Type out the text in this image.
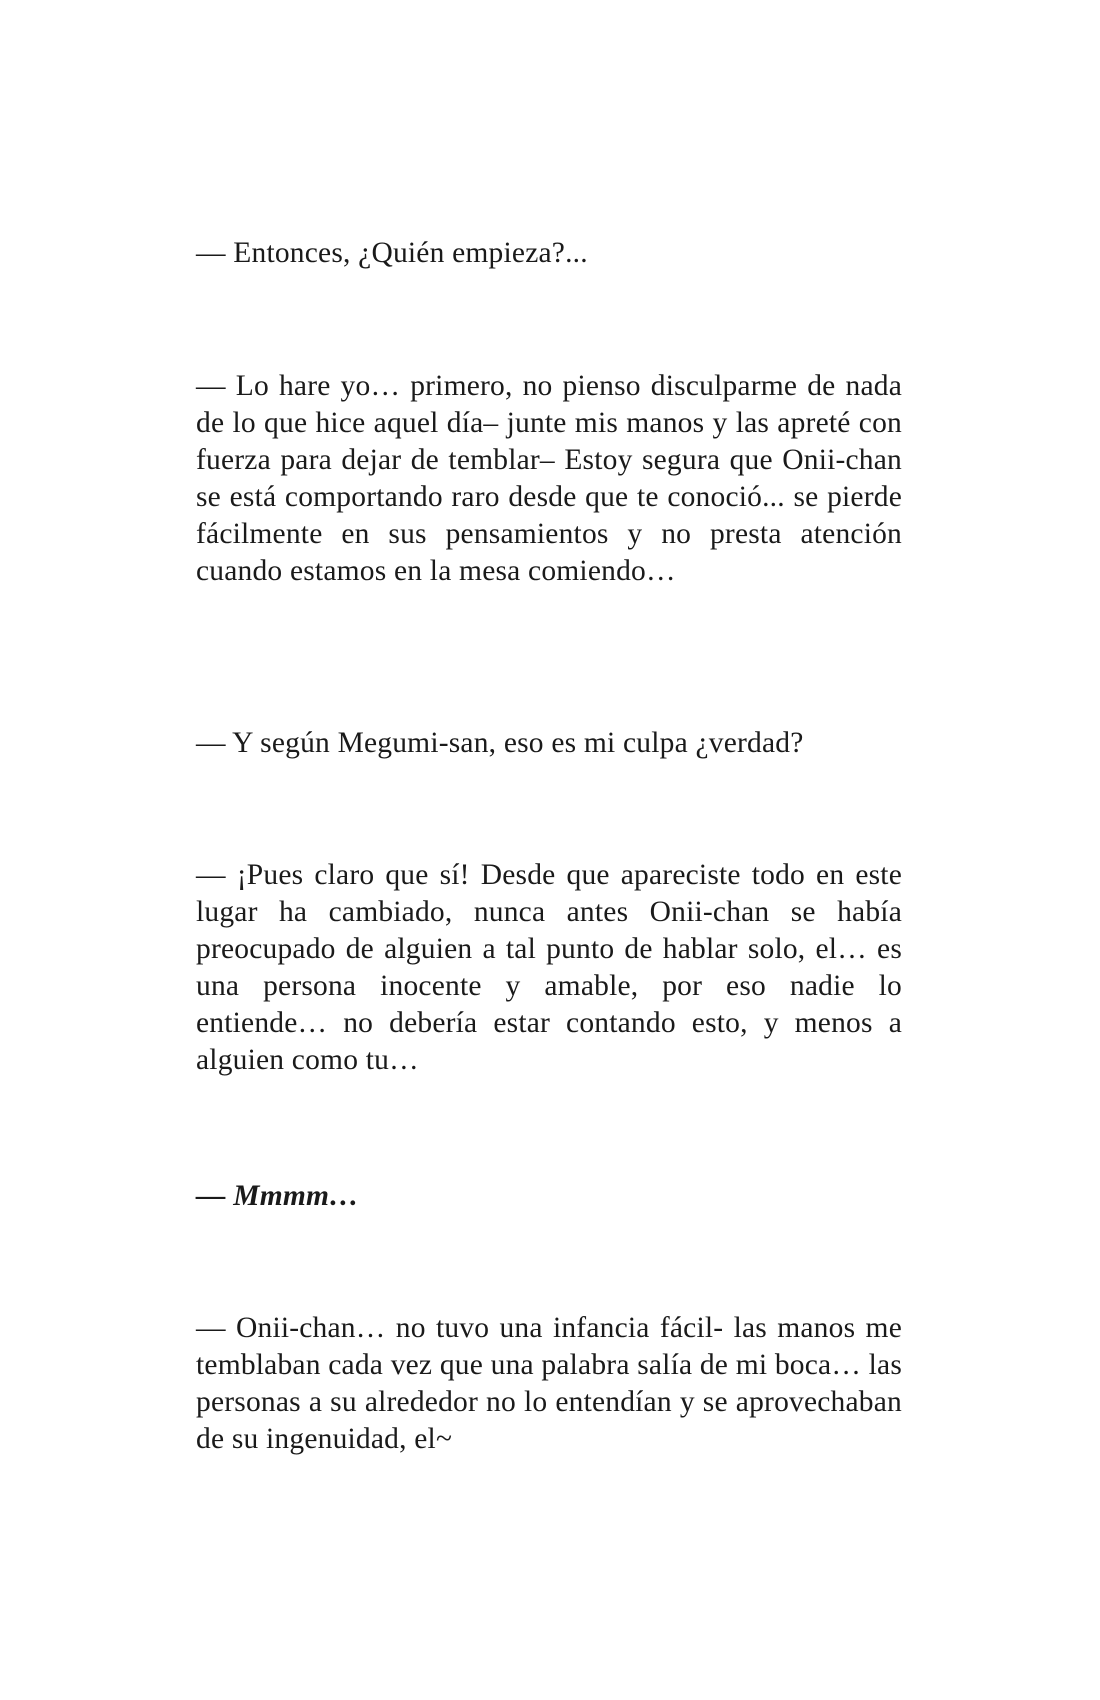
— Entonces, ¿Quién empieza?...

— Lo hare yo… primero, no pienso disculparme de nada de lo que hice aquel día– junte mis manos y las apreté con fuerza para dejar de temblar– Estoy segura que Onii-chan se está comportando raro desde que te conoció... se pierde fácilmente en sus pensamientos y no presta atención cuando estamos en la mesa comiendo…

— Y según Megumi-san, eso es mi culpa ¿verdad?

— ¡Pues claro que sí! Desde que apareciste todo en este lugar ha cambiado, nunca antes Onii-chan se había preocupado de alguien a tal punto de hablar solo, el… es una persona inocente y amable, por eso nadie lo entiende… no debería estar contando esto, y menos a alguien como tu…

— Mmmm…

— Onii-chan… no tuvo una infancia fácil- las manos me temblaban cada vez que una palabra salía de mi boca… las personas a su alrededor no lo entendían y se aprovechaban de su ingenuidad, el~
